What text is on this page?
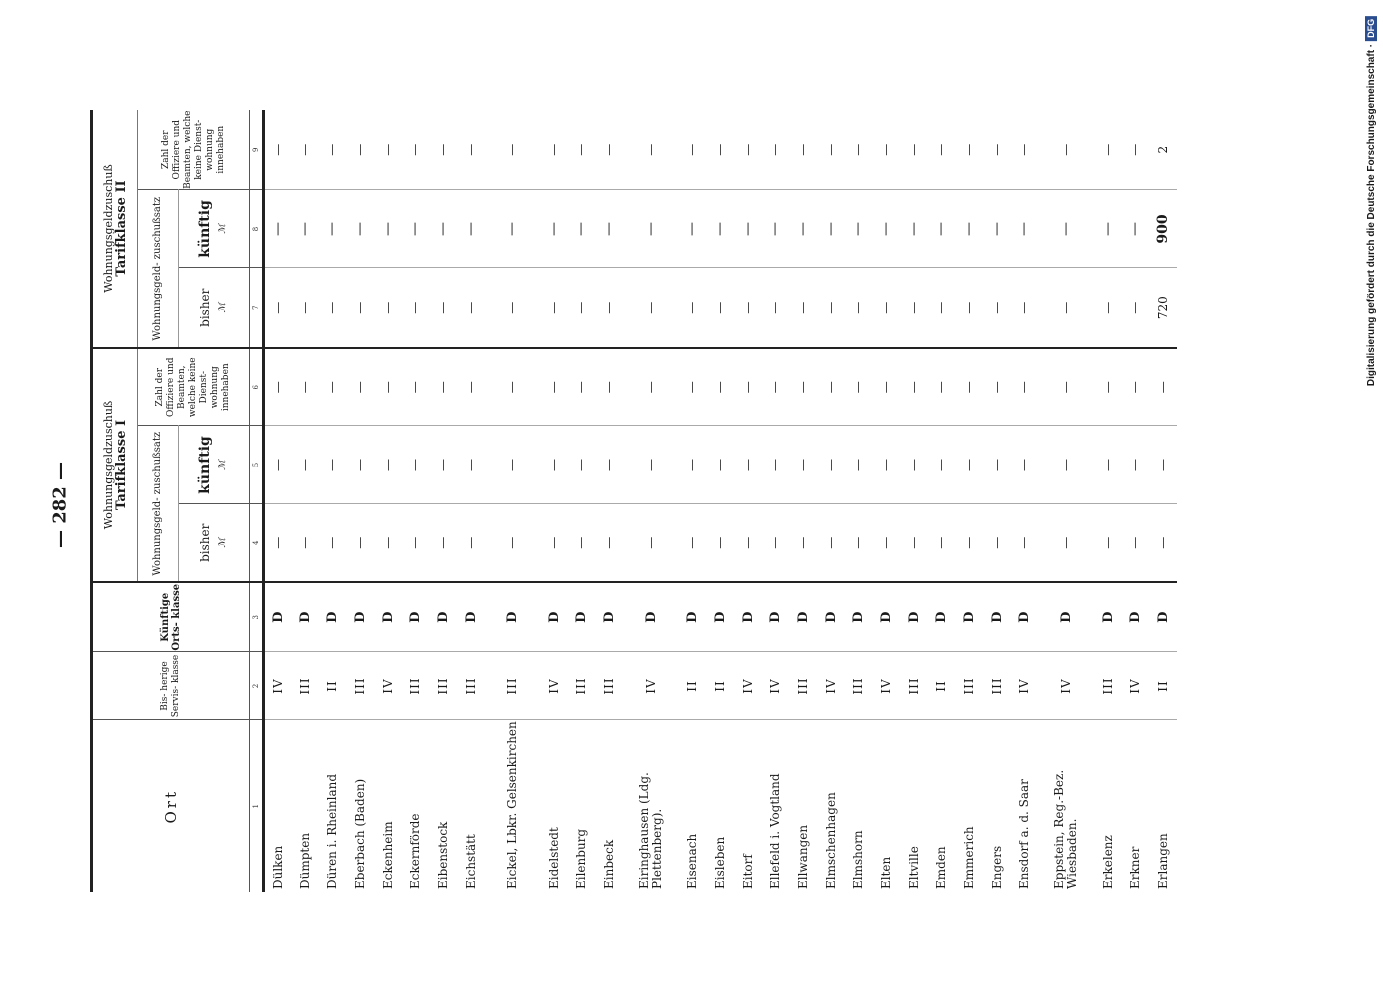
— 282 —
Digitalisierung gefördert durch die Deutsche Forschungsgemeinschaft ·DFG
Ort	Bis- herige Servis- klasse	Künftige Orts- klasse	Wohnungsgeldzuschuß Tarifklasse I			Wohnungsgeldzuschuß Tarifklasse II		

			Wohnungsgeld- zuschußsatz		Zahl der Offiziere und Beamten, welche keine Dienst- wohnung innehaben	Wohnungsgeld- zuschußsatz		Zahl der Offiziere und Beamten, welche keine Dienst- wohnung innehaben
			bisher ℳ	künftig ℳ		bisher ℳ	künftig ℳ	

1	2	3	4	5	6	7	8	9
Dülken	IV	D	—	—	—	—	—	—
Dümpten	III	D	—	—	—	—	—	—
Düren i. Rheinland	II	D	—	—	—	—	—	—
Eberbach (Baden)	III	D	—	—	—	—	—	—
Eckenheim	IV	D	—	—	—	—	—	—
Eckernförde	III	D	—	—	—	—	—	—
Eibenstock	III	D	—	—	—	—	—	—
Eichstätt	III	D	—	—	—	—	—	—
Eickel, Lbkr. Gelsenkirchen	III	D	—	—	—	—	—	—
Eidelstedt	IV	D	—	—	—	—	—	—
Eilenburg	III	D	—	—	—	—	—	—
Einbeck	III	D	—	—	—	—	—	—
Eiringhausen (Ldg. Plettenberg).	IV	D	—	—	—	—	—	—
Eisenach	II	D	—	—	—	—	—	—
Eisleben	II	D	—	—	—	—	—	—
Eitorf	IV	D	—	—	—	—	—	—
Ellefeld i. Vogtland	IV	D	—	—	—	—	—	—
Ellwangen	III	D	—	—	—	—	—	—
Elmschenhagen	IV	D	—	—	—	—	—	—
Elmshorn	III	D	—	—	—	—	—	—
Elten	IV	D	—	—	—	—	—	—
Eltville	III	D	—	—	—	—	—	—
Emden	II	D	—	—	—	—	—	—
Emmerich	III	D	—	—	—	—	—	—
Engers	III	D	—	—	—	—	—	—
Ensdorf a. d. Saar	IV	D	—	—	—	—	—	—
Eppstein, Reg.-Bez. Wiesbaden.	IV	D	—	—	—	—	—	—
Erkelenz	III	D	—	—	—	—	—	—
Erkner	IV	D	—	—	—	—	—	—
Erlangen	II	D	—	—	—	720	900	2
